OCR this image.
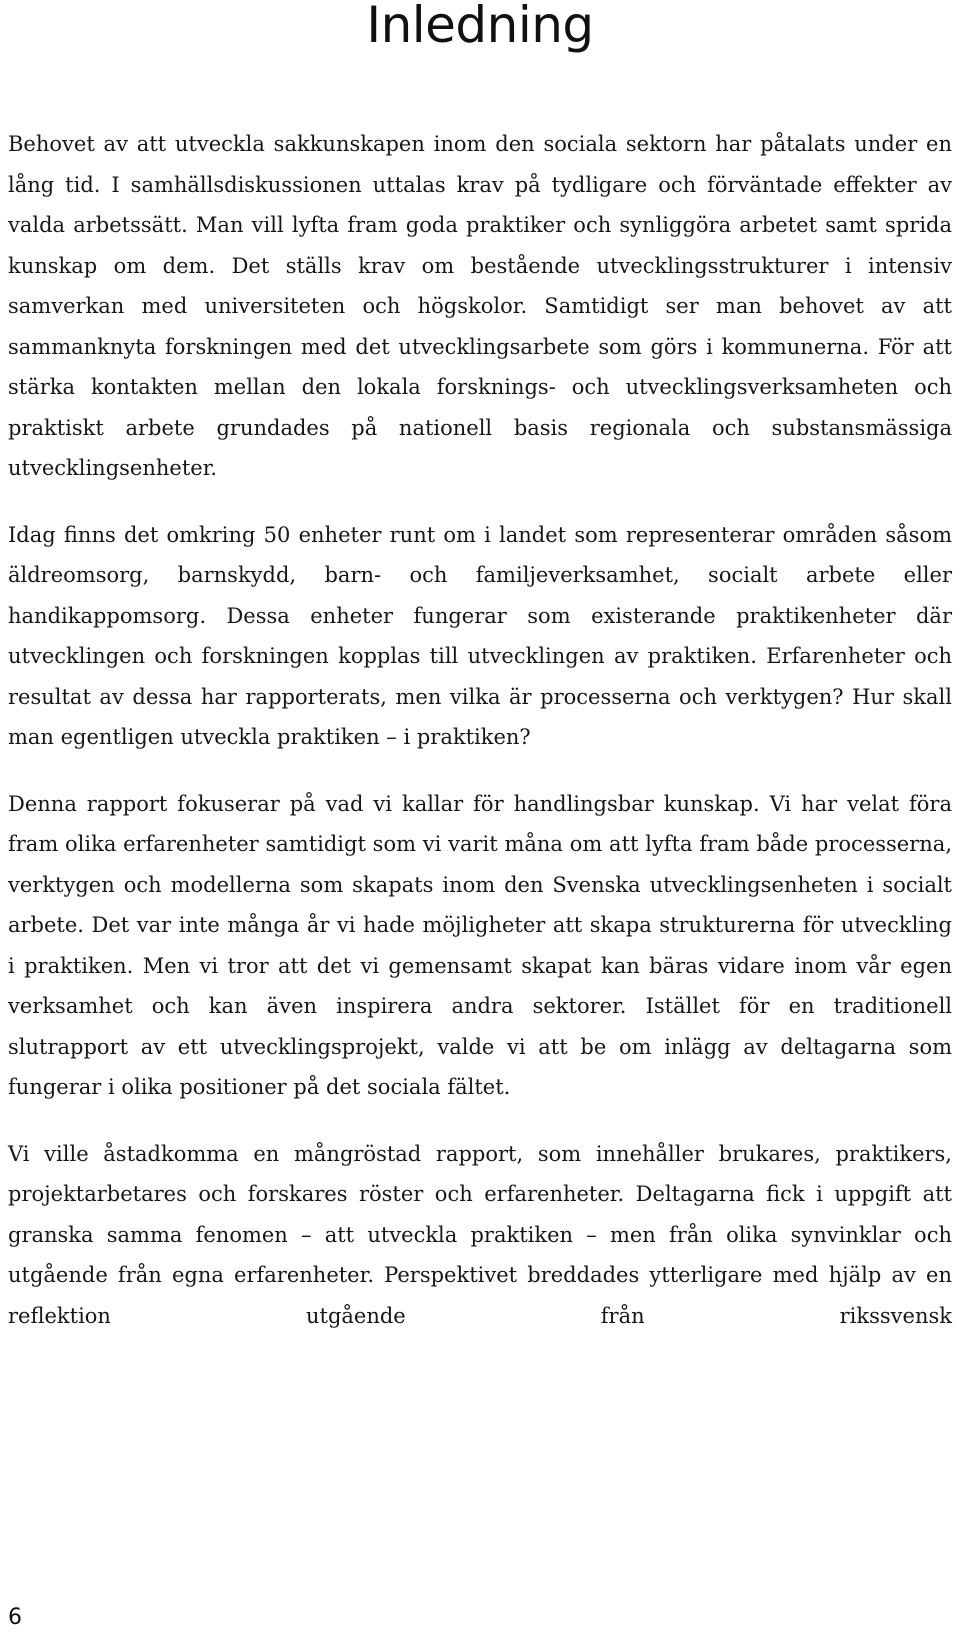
Inledning

Behovet av att utveckla sakkunskapen inom den sociala sektorn har påtalats under en lång tid. I samhällsdiskussionen uttalas krav på tydligare och förväntade effekter av valda arbetssätt. Man vill lyfta fram goda praktiker och synliggöra arbetet samt sprida kunskap om dem. Det ställs krav om bestående utvecklingsstrukturer i intensiv samverkan med universiteten och högskolor. Samtidigt ser man behovet av att sammanknyta forskningen med det utvecklingsarbete som görs i kommunerna. För att stärka kontakten mellan den lokala forsknings- och utvecklingsverksamheten och praktiskt arbete grundades på nationell basis regionala och substansmässiga utvecklingsenheter.

Idag finns det omkring 50 enheter runt om i landet som representerar områden såsom äldreomsorg, barnskydd, barn- och familjeverksamhet, socialt arbete eller handikappomsorg. Dessa enheter fungerar som existerande praktikenheter där utvecklingen och forskningen kopplas till utvecklingen av praktiken. Erfarenheter och resultat av dessa har rapporterats, men vilka är processerna och verktygen? Hur skall man egentligen utveckla praktiken – i praktiken?

Denna rapport fokuserar på vad vi kallar för handlingsbar kunskap. Vi har velat föra fram olika erfarenheter samtidigt som vi varit måna om att lyfta fram både processerna, verktygen och modellerna som skapats inom den Svenska utvecklingsenheten i socialt arbete. Det var inte många år vi hade möjligheter att skapa strukturerna för utveckling i praktiken. Men vi tror att det vi gemensamt skapat kan bäras vidare inom vår egen verksamhet och kan även inspirera andra sektorer. Istället för en traditionell slutrapport av ett utvecklingsprojekt, valde vi att be om inlägg av deltagarna som fungerar i olika positioner på det sociala fältet.

Vi ville åstadkomma en mångröstad rapport, som innehåller brukares, praktikers, projektarbetares och forskares röster och erfarenheter. Deltagarna fick i uppgift att granska samma fenomen – att utveckla praktiken – men från olika synvinklar och utgående från egna erfarenheter. Perspektivet breddades ytterligare med hjälp av en reflektion utgående från rikssvensk

6
